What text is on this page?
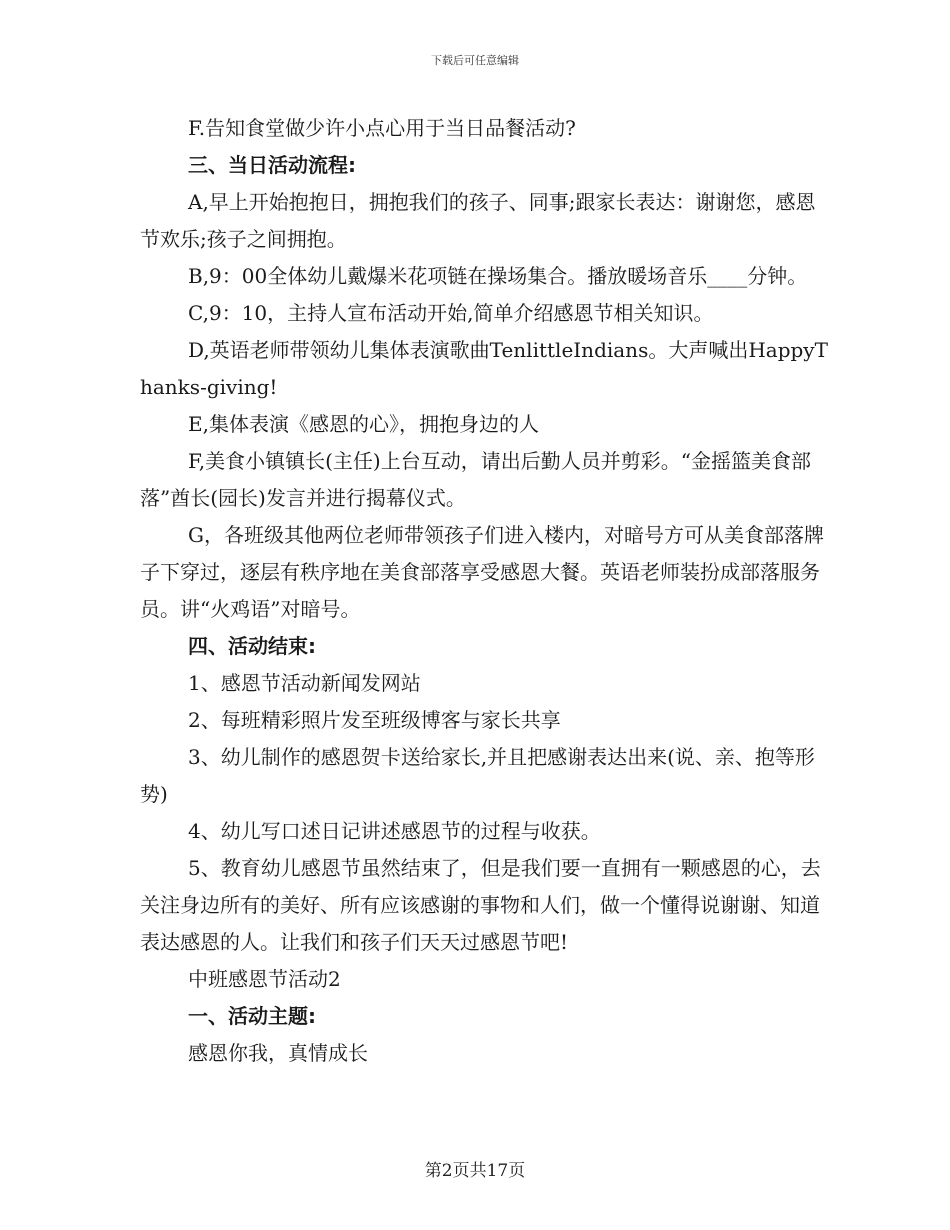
下载后可任意编辑

F.告知食堂做少许小点心用于当日品餐活动?

三、当日活动流程:

A,早上开始抱抱日，拥抱我们的孩子、同事;跟家长表达：谢谢您，感恩节欢乐;孩子之间拥抱。

B,9：00全体幼儿戴爆米花项链在操场集合。播放暖场音乐____分钟。

C,9：10，主持人宣布活动开始,简单介绍感恩节相关知识。

D,英语老师带领幼儿集体表演歌曲TenlittleIndians。大声喊出HappyThanks-giving!

E,集体表演《感恩的心》，拥抱身边的人

F,美食小镇镇长(主任)上台互动，请出后勤人员并剪彩。“金摇篮美食部落”酋长(园长)发言并进行揭幕仪式。

G，各班级其他两位老师带领孩子们进入楼内，对暗号方可从美食部落牌子下穿过，逐层有秩序地在美食部落享受感恩大餐。英语老师装扮成部落服务员。讲“火鸡语”对暗号。

四、活动结束:

1、感恩节活动新闻发网站

2、每班精彩照片发至班级博客与家长共享

3、幼儿制作的感恩贺卡送给家长,并且把感谢表达出来(说、亲、抱等形势)

4、幼儿写口述日记讲述感恩节的过程与收获。

5、教育幼儿感恩节虽然结束了，但是我们要一直拥有一颗感恩的心，去关注身边所有的美好、所有应该感谢的事物和人们，做一个懂得说谢谢、知道表达感恩的人。让我们和孩子们天天过感恩节吧!

中班感恩节活动2

一、活动主题:

感恩你我，真情成长

第2页共17页
